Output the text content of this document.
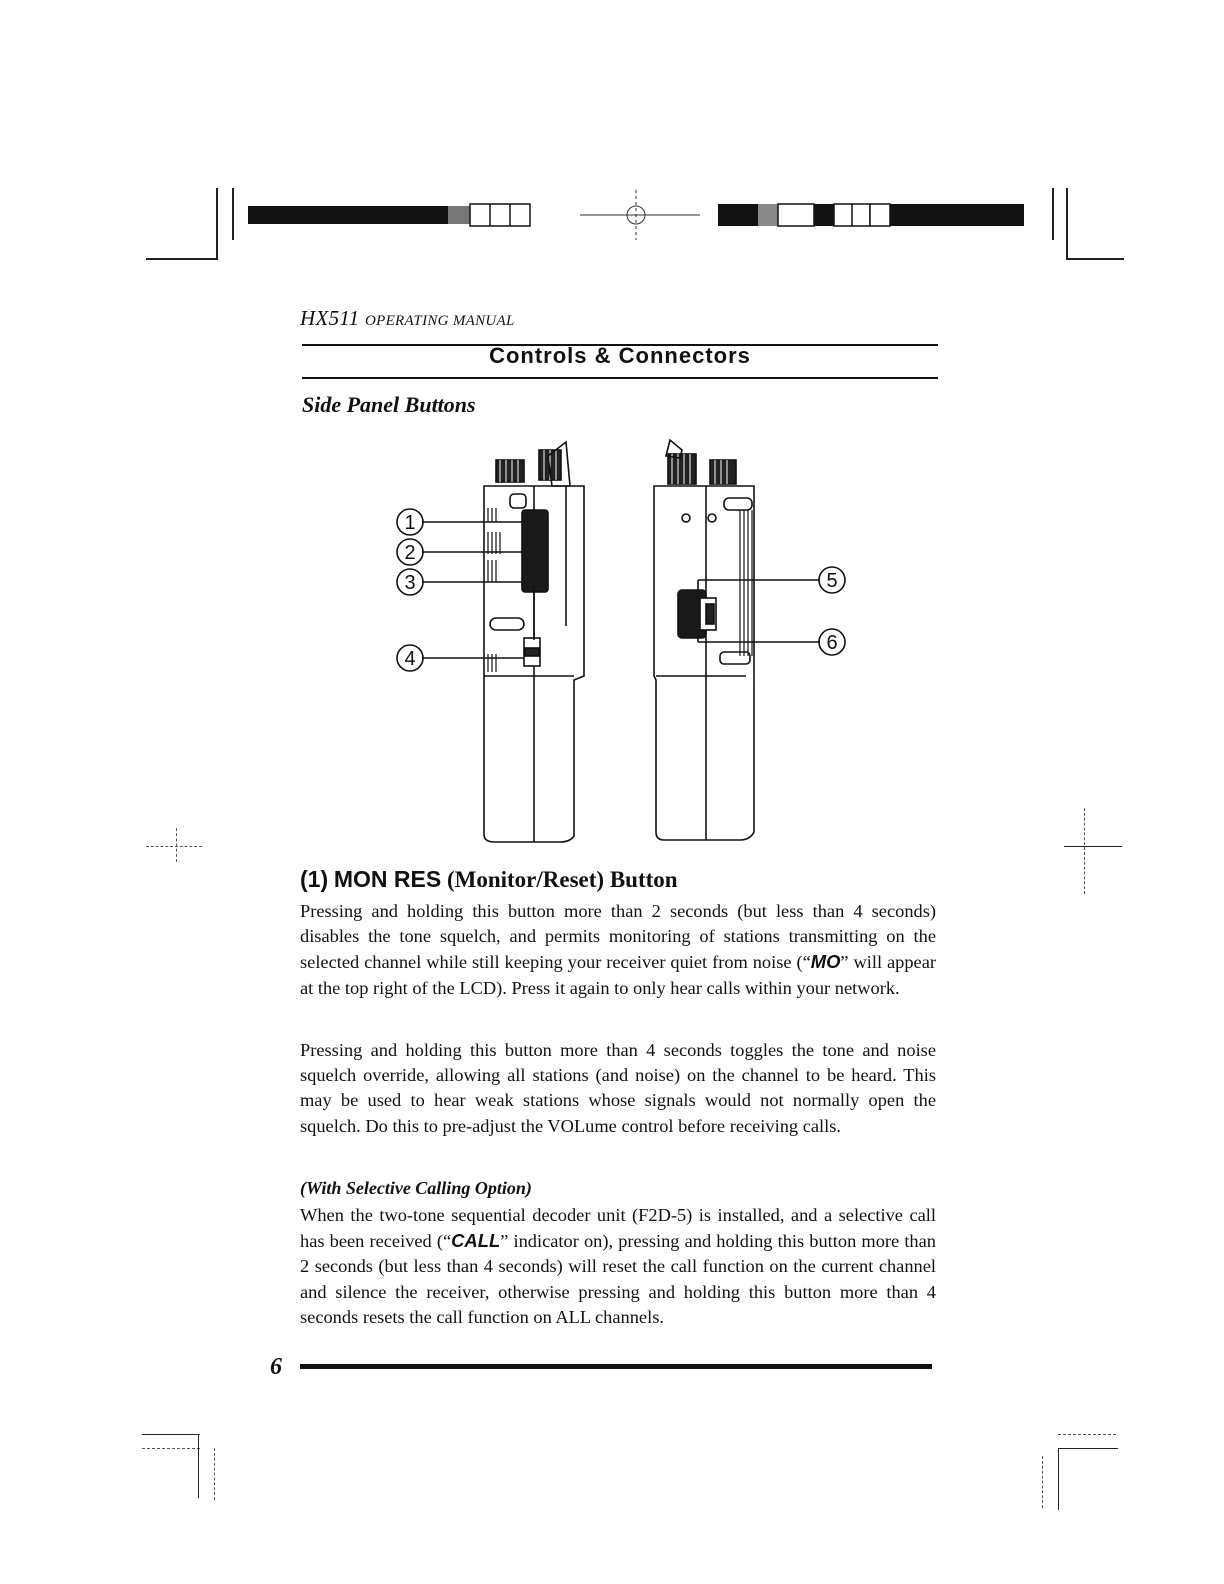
HX511 OPERATING MANUAL
Controls & Connectors
Side Panel Buttons
1
2
3
4
5
6
(1) MON RES (Monitor/Reset) Button
Pressing and holding this button more than 2 seconds (but less than 4 seconds) disables the tone squelch, and permits monitoring of stations transmitting on the selected channel while still keeping your receiver quiet from noise (“MO” will appear at the top right of the LCD). Press it again to only hear calls within your network.
Pressing and holding this button more than 4 seconds toggles the tone and noise squelch override, allowing all stations (and noise) on the channel to be heard. This may be used to hear weak stations whose signals would not normally open the squelch. Do this to pre-adjust the VOLume control before receiving calls.
(With Selective Calling Option)
When the two-tone sequential decoder unit (F2D-5) is installed, and a selective call has been received (“CALL” indicator on), pressing and holding this button more than 2 seconds (but less than 4 seconds) will reset the call function on the current channel and silence the receiver, otherwise pressing and holding this button more than 4 seconds resets the call function on ALL channels.
6
